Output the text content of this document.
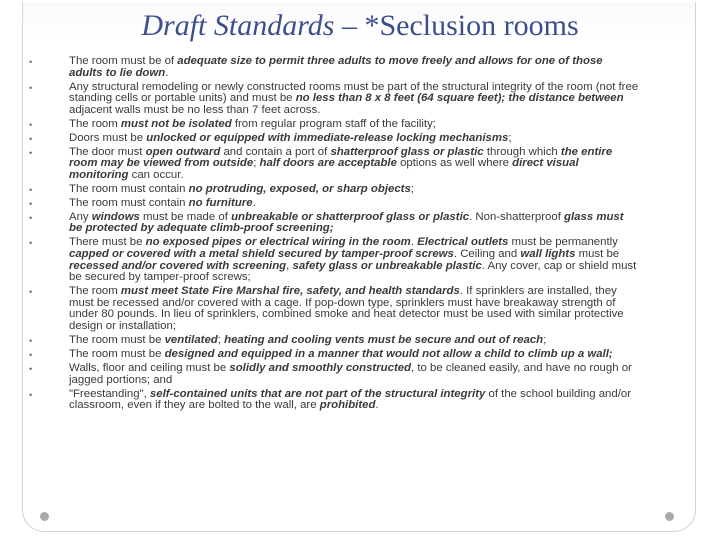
Draft Standards – *Seclusion rooms
•	The room must be of adequate size to permit three adults to move freely and allows for one of those adults to lie down.
•	Any structural remodeling or newly constructed rooms must be part of the structural integrity of the room (not free standing cells or portable units) and must be no less than 8 x 8 feet (64 square feet); the distance between adjacent walls must be no less than 7 feet across.
•	The room must not be isolated from regular program staff of the facility;
•	Doors must be unlocked or equipped with immediate-release locking mechanisms;
•	The door must open outward and contain a port of shatterproof glass or plastic through which the entire room may be viewed from outside; half doors are acceptable options as well where direct visual monitoring can occur.
•	The room must contain no protruding, exposed, or sharp objects;
•	The room must contain no furniture.
•	Any windows must be made of unbreakable or shatterproof glass or plastic. Non-shatterproof glass must be protected by adequate climb-proof screening;
•	There must be no exposed pipes or electrical wiring in the room. Electrical outlets must be permanently capped or covered with a metal shield secured by tamper-proof screws. Ceiling and wall lights must be recessed and/or covered with screening, safety glass or unbreakable plastic. Any cover, cap or shield must be secured by tamper-proof screws;
•	The room must meet State Fire Marshal fire, safety, and health standards. If sprinklers are installed, they must be recessed and/or covered with a cage. If pop-down type, sprinklers must have breakaway strength of under 80 pounds. In lieu of sprinklers, combined smoke and heat detector must be used with similar protective design or installation;
•	The room must be ventilated; heating and cooling vents must be secure and out of reach;
•	The room must be designed and equipped in a manner that would not allow a child to climb up a wall;
•	Walls, floor and ceiling must be solidly and smoothly constructed, to be cleaned easily, and have no rough or jagged portions; and
•	"Freestanding", self-contained units that are not part of the structural integrity of the school building and/or classroom, even if they are bolted to the wall, are prohibited.
